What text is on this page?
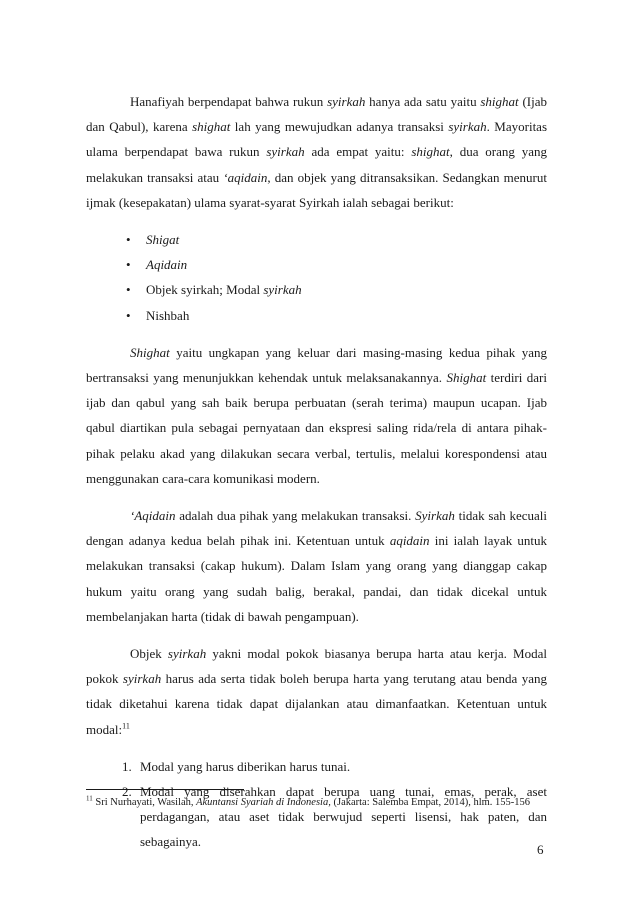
Hanafiyah berpendapat bahwa rukun syirkah hanya ada satu yaitu shighat (Ijab
dan Qabul), karena shighat lah yang mewujudkan adanya transaksi syirkah. Mayoritas
ulama berpendapat bawa rukun syirkah ada empat yaitu: shighat, dua orang yang
melakukan transaksi atau ‘aqidain, dan objek yang ditransaksikan. Sedangkan menurut
ijmak (kesepakatan) ulama syarat-syarat Syirkah ialah sebagai berikut:

• Shigat
• Aqidain
• Objek syirkah; Modal syirkah
• Nishbah

Shighat yaitu ungkapan yang keluar dari masing-masing kedua pihak yang
bertransaksi yang menunjukkan kehendak untuk melaksanakannya. Shighat terdiri dari
ijab dan qabul yang sah baik berupa perbuatan (serah terima) maupun ucapan. Ijab
qabul diartikan pula sebagai pernyataan dan ekspresi saling rida/rela di antara pihak-
pihak pelaku akad yang dilakukan secara verbal, tertulis, melalui korespondensi atau
menggunakan cara-cara komunikasi modern.

‘Aqidain adalah dua pihak yang melakukan transaksi. Syirkah tidak sah kecuali
dengan adanya kedua belah pihak ini. Ketentuan untuk aqidain ini ialah layak untuk
melakukan transaksi (cakap hukum). Dalam Islam yang orang yang dianggap cakap
hukum yaitu orang yang sudah balig, berakal, pandai, dan tidak dicekal untuk
membelanjakan harta (tidak di bawah pengampuan).

Objek syirkah yakni modal pokok biasanya berupa harta atau kerja. Modal
pokok syirkah harus ada serta tidak boleh berupa harta yang terutang atau benda yang
tidak diketahui karena tidak dapat dijalankan atau dimanfaatkan. Ketentuan untuk
modal:$^{11}$

1. Modal yang harus diberikan harus tunai.
2. Modal yang diserahkan dapat berupa uang tunai, emas, perak, aset
perdagangan, atau aset tidak berwujud seperti lisensi, hak paten, dan
sebagainya.
$^{11}$ Sri Nurhayati, Wasilah, Akuntansi Syariah di Indonesia, (Jakarta: Salemba Empat, 2014), hlm. 155-156
6
